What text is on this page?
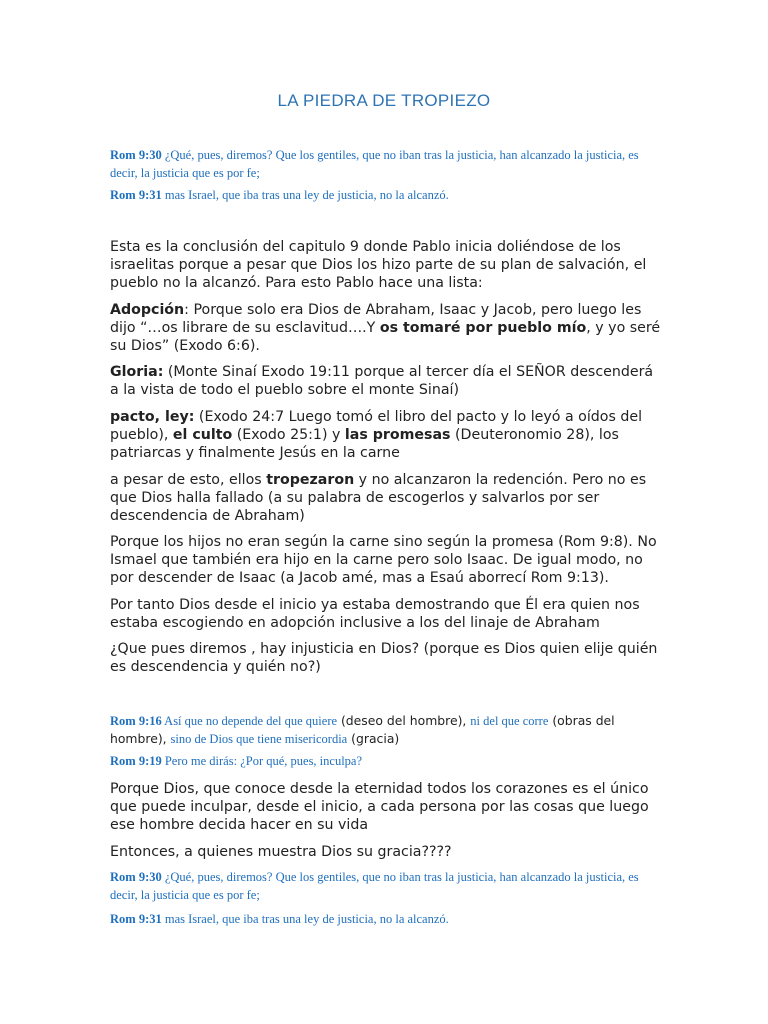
LA PIEDRA DE TROPIEZO

Rom 9:30 ¿Qué, pues, diremos? Que los gentiles, que no iban tras la justicia, han alcanzado la justicia, es decir, la justicia que es por fe;

Rom 9:31 mas Israel, que iba tras una ley de justicia, no la alcanzó.

Esta es la conclusión del capitulo 9 donde Pablo inicia doliéndose de los israelitas porque a pesar que Dios los hizo parte de su plan de salvación, el pueblo no la alcanzó. Para esto Pablo hace una lista:

Adopción: Porque solo era Dios de Abraham, Isaac y Jacob, pero luego les dijo “…os librare de su esclavitud….Y os tomaré por pueblo mío, y yo seré su Dios” (Exodo 6:6).

Gloria: (Monte Sinaí Exodo 19:11 porque al tercer día el SEÑOR descenderá a la vista de todo el pueblo sobre el monte Sinaí)

pacto, ley: (Exodo 24:7 Luego tomó el libro del pacto y lo leyó a oídos del pueblo), el culto (Exodo 25:1) y las promesas (Deuteronomio 28), los patriarcas y finalmente Jesús en la carne

a pesar de esto, ellos tropezaron y no alcanzaron la redención. Pero no es que Dios halla fallado (a su palabra de escogerlos y salvarlos por ser descendencia de Abraham)

Porque los hijos no eran según la carne sino según la promesa (Rom 9:8). No Ismael que también era hijo en la carne pero solo Isaac. De igual modo, no por descender de Isaac (a Jacob amé, mas a Esaú aborrecí Rom 9:13).

Por tanto Dios desde el inicio ya estaba demostrando que Él era quien nos estaba escogiendo en adopción inclusive a los del linaje de Abraham

¿Que pues diremos , hay injusticia en Dios? (porque es Dios quien elije quién es descendencia y quién no?)

Rom 9:16 Así que no depende del que quiere (deseo del hombre), ni del que corre (obras del hombre), sino de Dios que tiene misericordia (gracia)

Rom 9:19 Pero me dirás: ¿Por qué, pues, inculpa?

Porque Dios, que conoce desde la eternidad todos los corazones es el único que puede inculpar, desde el inicio, a cada persona por las cosas que luego ese hombre decida hacer en su vida

Entonces, a quienes muestra Dios su gracia????

Rom 9:30 ¿Qué, pues, diremos? Que los gentiles, que no iban tras la justicia, han alcanzado la justicia, es decir, la justicia que es por fe;

Rom 9:31 mas Israel, que iba tras una ley de justicia, no la alcanzó.
